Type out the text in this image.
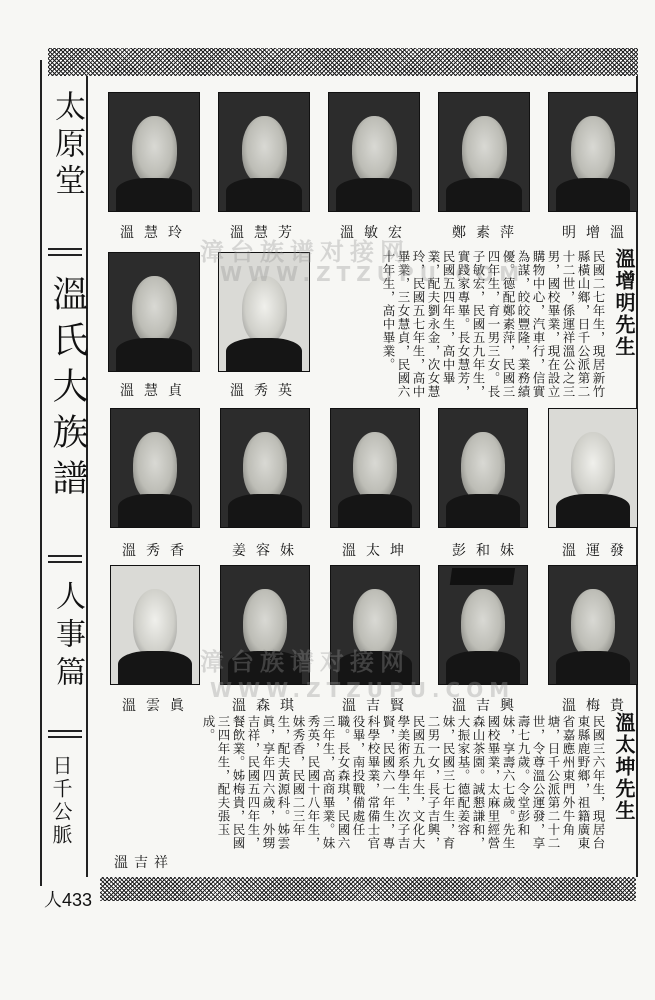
太原堂
溫氏大族譜
人事篇
日千公脈
人433
溫慧玲	溫慧芳	溫敏宏	鄭素萍	明增溫
溫慧貞	溫秀英
溫增明先生
民國二七年生，現居新竹縣橫山鄉，日千公派第二十二世，係運祥溫公之三男，國校畢業，現在設立購物中心，汽車行，信實為謀，皎皎豐隆，業務績優。德配鄭素萍，民國三四年生，育一男三女。長子敏宏，民國五九年生，實踐家專畢。長女慧芳，民國五四年生，高中畢業，配夫劉永金，次女慧玲，民國五七年生，高中畢業，三女慧貞，民國六十年生，高中畢業。
溫秀香	姜容妹	溫太坤	彭和妹	溫運發
溫雲眞	溫森琪	溫吉賢	溫吉興	溫梅貴
溫太坤先生
民國三六年生，現居台東縣鹿野鄉，祖籍廣東省嘉應州東門外牛角塘，日千公派第二十二世，令尊溫公運發，享壽七九歲。令堂彭和妹，享壽六七歲。先生國校畢業，太麻里經營森山茶園。誠懇謙和，大振家基。德配姜容妹，民國三七年生，育二男一女，長子吉興，民國五九年生，文化大學美術系學生，次子吉賢，民國六一年生，專科學校畢業，常備士官役畢，南投戰備處任職。長女森琪，民國六三年生，高商畢業。妹秀英，民國十八年生，妹秀香，民國二三年生，配夫黃源科。姊雲眞，享年四六歲，外甥吉祥，民國五四年生，餐飲業。姊梅貴，民國三四年生，配夫張玉成。
溫吉祥
漳台族谱对接网
WWW.ZTZUPU.COM
漳台族谱对接网
WWW.ZTZUPU.COM
